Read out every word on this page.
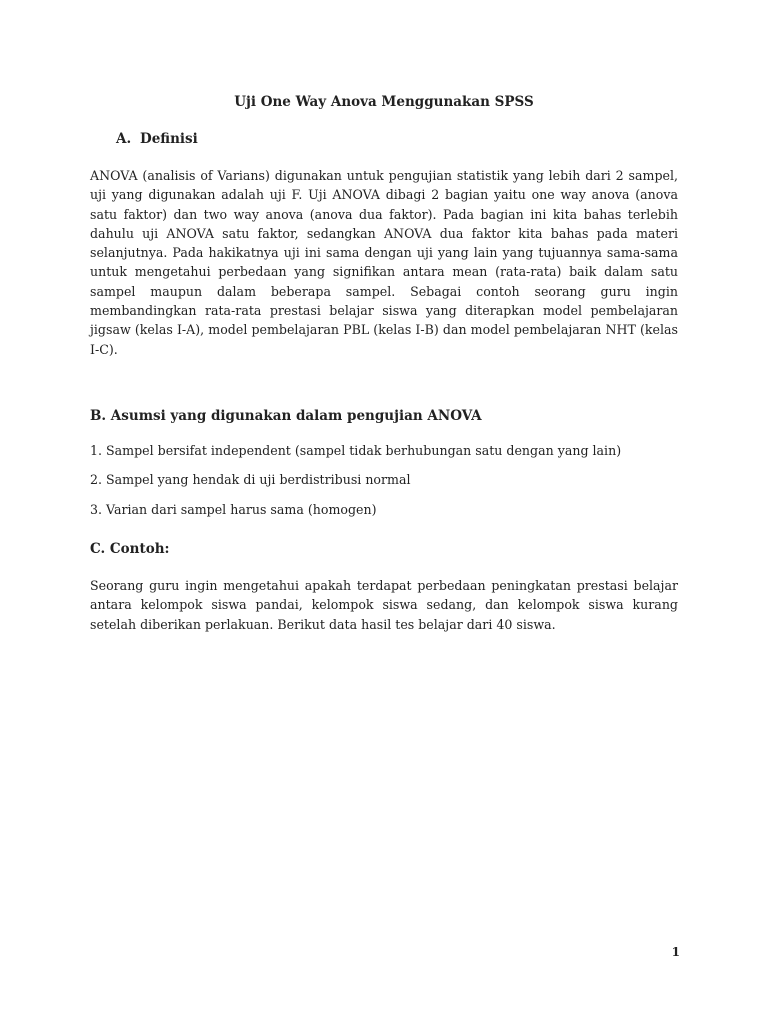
Uji One Way Anova Menggunakan SPSS
A. Definisi

ANOVA (analisis of Varians) digunakan untuk pengujian statistik yang lebih dari 2 sampel, uji yang digunakan adalah uji F. Uji ANOVA dibagi 2 bagian yaitu one way anova (anova satu faktor) dan two way anova (anova dua faktor). Pada bagian ini kita bahas terlebih dahulu uji ANOVA satu faktor, sedangkan ANOVA dua faktor kita bahas pada materi selanjutnya. Pada hakikatnya uji ini sama dengan uji yang lain yang tujuannya sama-sama untuk mengetahui perbedaan yang signifikan antara mean (rata-rata) baik dalam satu sampel maupun dalam beberapa sampel. Sebagai contoh seorang guru ingin membandingkan rata-rata prestasi belajar siswa yang diterapkan model pembelajaran jigsaw (kelas I-A), model pembelajaran PBL (kelas I-B) dan model pembelajaran NHT (kelas I-C).

B. Asumsi yang digunakan dalam pengujian ANOVA

1. Sampel bersifat independent (sampel tidak berhubungan satu dengan yang lain)

2. Sampel yang hendak di uji berdistribusi normal

3. Varian dari sampel harus sama (homogen)

C. Contoh:

Seorang guru ingin mengetahui apakah terdapat perbedaan peningkatan prestasi belajar antara kelompok siswa pandai, kelompok siswa sedang, dan kelompok siswa kurang setelah diberikan perlakuan. Berikut data hasil tes belajar dari 40 siswa.

1
